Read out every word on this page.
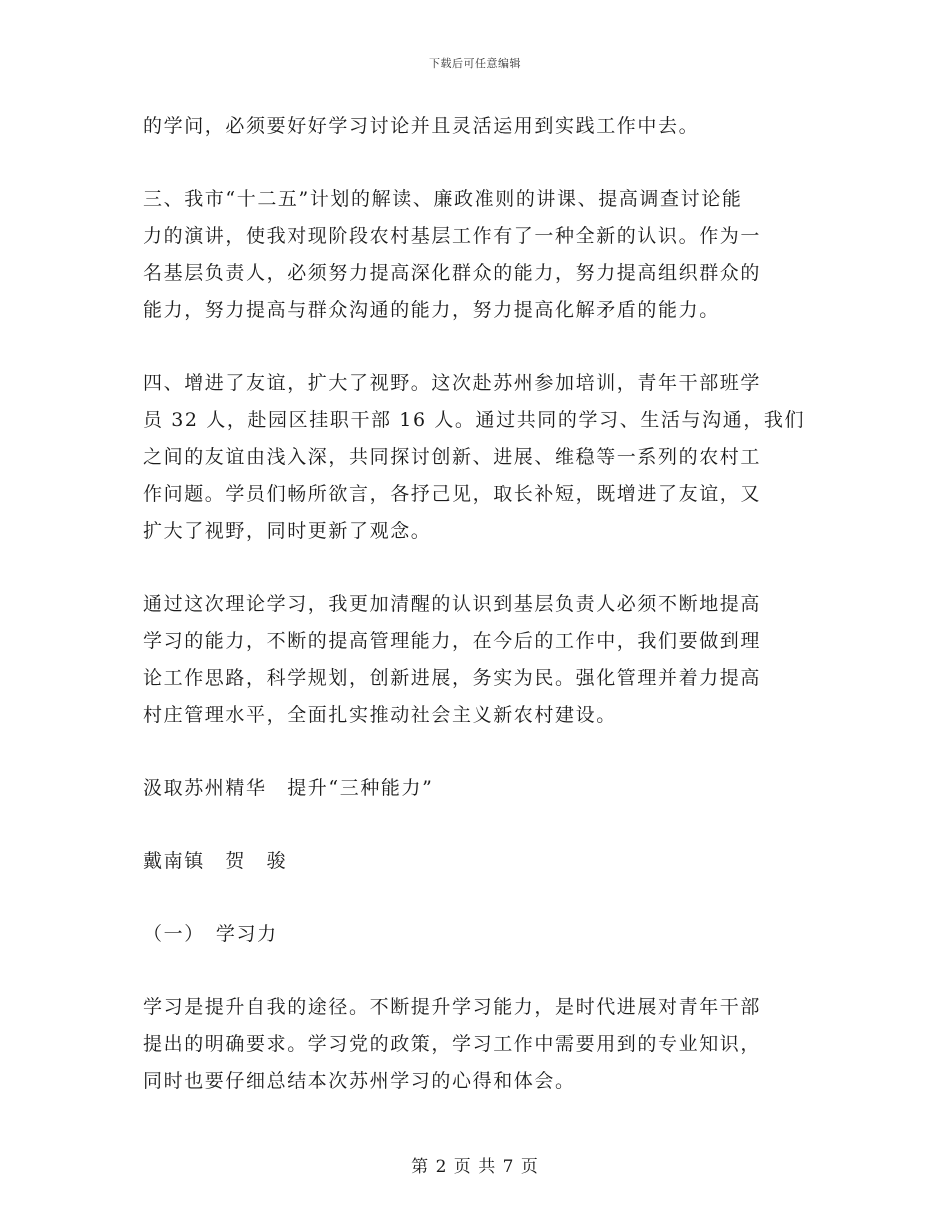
下载后可任意编辑
的学问，必须要好好学习讨论并且灵活运用到实践工作中去。
三、我市“十二五”计划的解读、廉政准则的讲课、提高调查讨论能
力的演讲，使我对现阶段农村基层工作有了一种全新的认识。作为一
名基层负责人，必须努力提高深化群众的能力，努力提高组织群众的
能力，努力提高与群众沟通的能力，努力提高化解矛盾的能力。
四、增进了友谊，扩大了视野。这次赴苏州参加培训，青年干部班学
员 32 人，赴园区挂职干部 16 人。通过共同的学习、生活与沟通，我们
之间的友谊由浅入深，共同探讨创新、进展、维稳等一系列的农村工
作问题。学员们畅所欲言，各抒己见，取长补短，既增进了友谊，又
扩大了视野，同时更新了观念。
通过这次理论学习，我更加清醒的认识到基层负责人必须不断地提高
学习的能力，不断的提高管理能力，在今后的工作中，我们要做到理
论工作思路，科学规划，创新进展，务实为民。强化管理并着力提高
村庄管理水平，全面扎实推动社会主义新农村建设。
汲取苏州精华　提升“三种能力”
戴南镇　贺　骏
（一）　学习力
学习是提升自我的途径。不断提升学习能力，是时代进展对青年干部
提出的明确要求。学习党的政策，学习工作中需要用到的专业知识，
同时也要仔细总结本次苏州学习的心得和体会。
第 2 页 共 7 页
